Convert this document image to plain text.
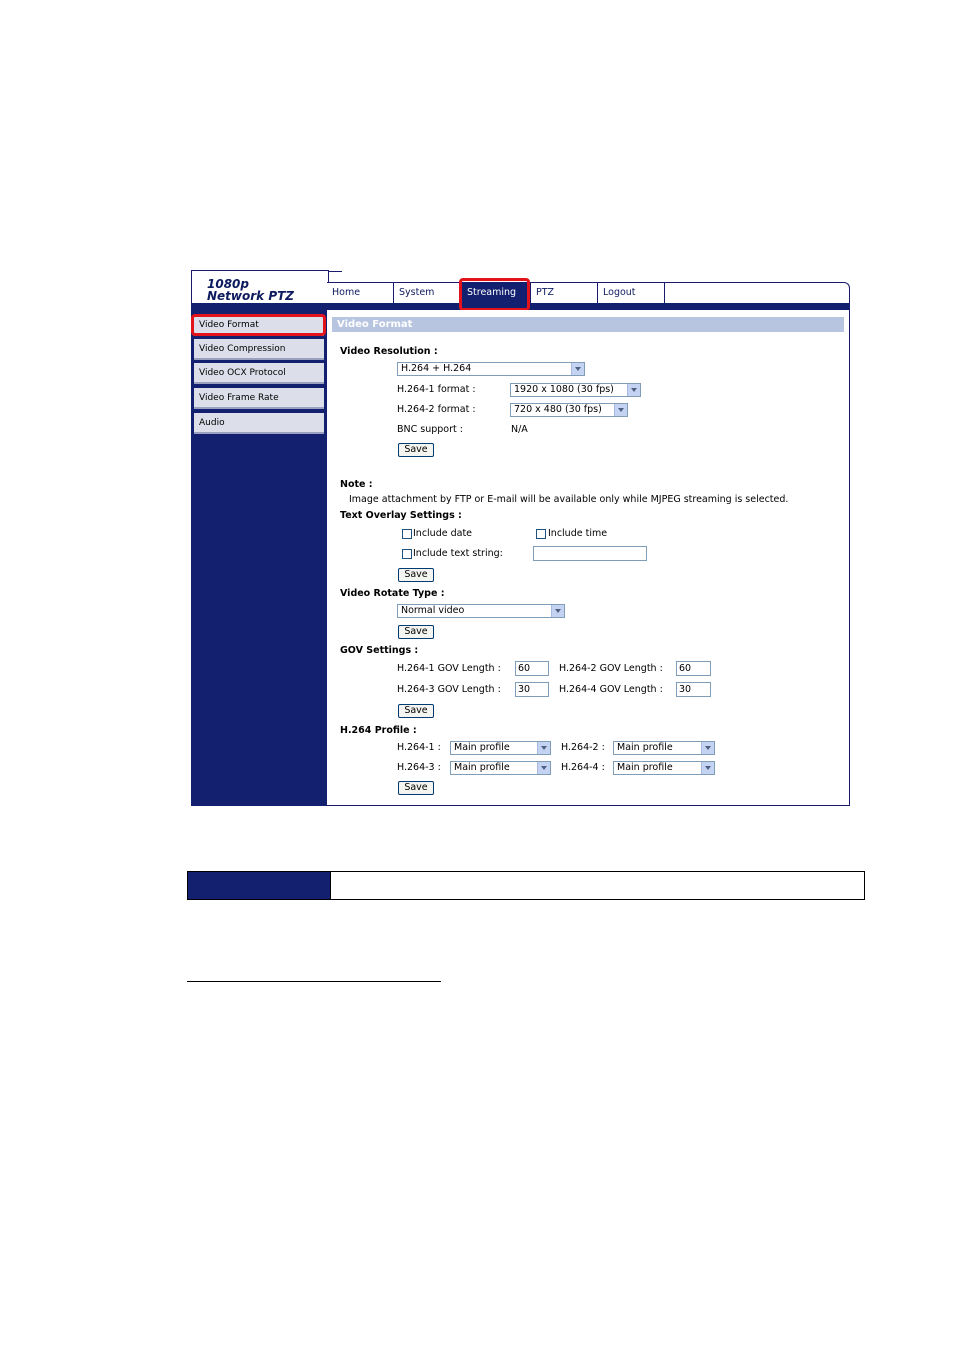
1080p
Network PTZ	Home	System	Streaming	PTZ	Logout
Video Format
Video Compression
Video OCX Protocol
Video Frame Rate
Audio
Video Format
Video Resolution :
H.264 + H.264
H.264-1 format :	1920 x 1080 (30 fps)
H.264-2 format :	720 x 480 (30 fps)
BNC support :	N/A
Save
Note :
Image attachment by FTP or E-mail will be available only while MJPEG streaming is selected.
Text Overlay Settings :
Include date	Include time
Include text string:
Save
Video Rotate Type :
Normal video
Save
GOV Settings :
H.264-1 GOV Length :	60	H.264-2 GOV Length :	60
H.264-3 GOV Length :	30	H.264-4 GOV Length :	30
Save
H.264 Profile :
H.264-1 :	Main profile	H.264-2 :	Main profile
H.264-3 :	Main profile	H.264-4 :	Main profile
Save
